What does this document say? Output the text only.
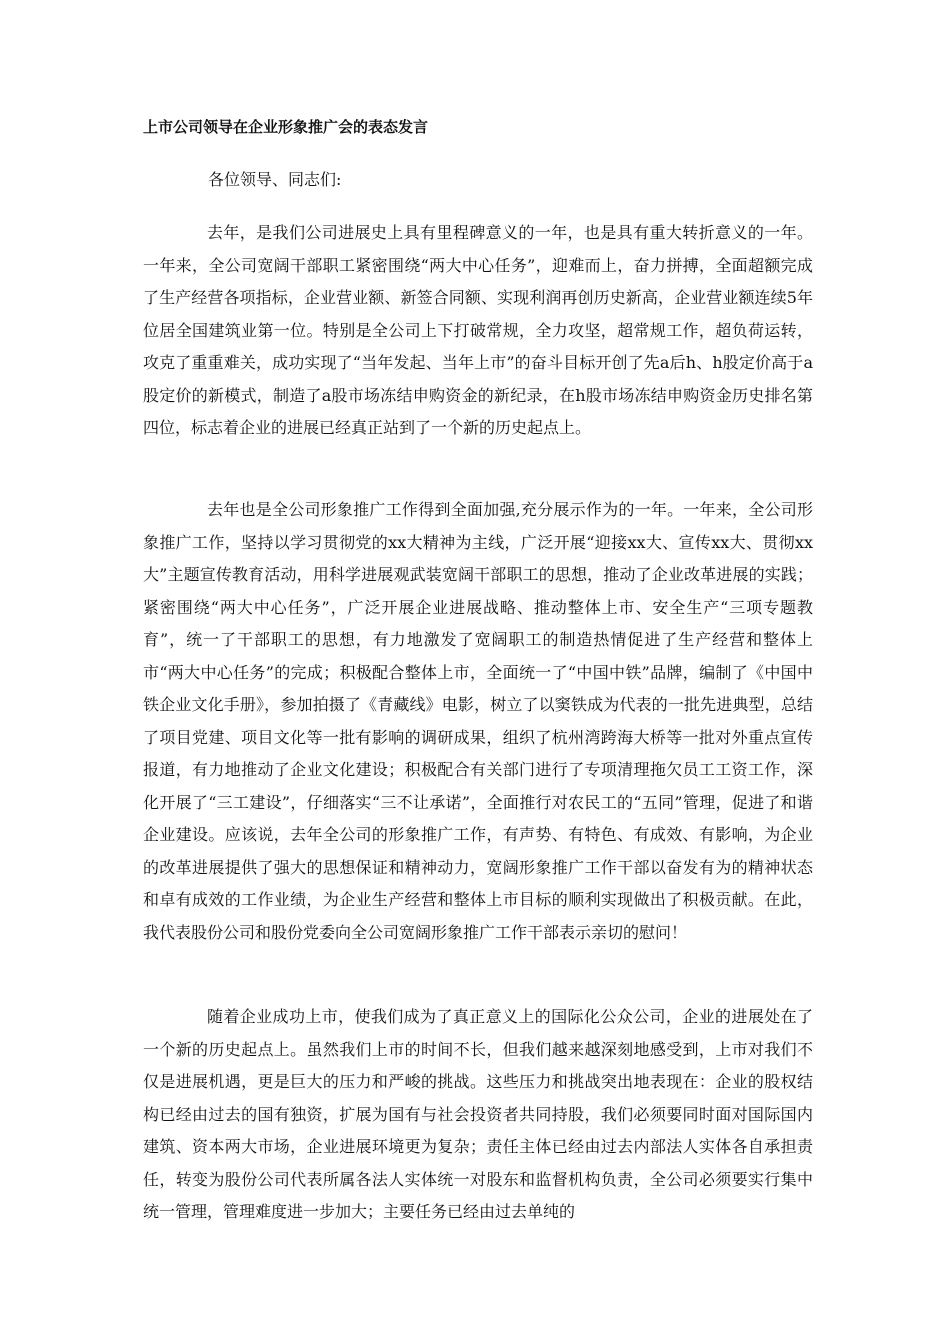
上市公司领导在企业形象推广会的表态发言

各位领导、同志们:

去年，是我们公司进展史上具有里程碑意义的一年，也是具有重大转折意义的一年。一年来，全公司宽阔干部职工紧密围绕“两大中心任务”，迎难而上，奋力拼搏，全面超额完成了生产经营各项指标，企业营业额、新签合同额、实现利润再创历史新高，企业营业额连续5年位居全国建筑业第一位。特别是全公司上下打破常规，全力攻坚，超常规工作，超负荷运转，攻克了重重难关，成功实现了“当年发起、当年上市”的奋斗目标开创了先a后h、h股定价高于a股定价的新模式，制造了a股市场冻结申购资金的新纪录，在h股市场冻结申购资金历史排名第四位，标志着企业的进展已经真正站到了一个新的历史起点上。

去年也是全公司形象推广工作得到全面加强,充分展示作为的一年。一年来，全公司形象推广工作，坚持以学习贯彻党的xx大精神为主线，广泛开展“迎接xx大、宣传xx大、贯彻xx大”主题宣传教育活动，用科学进展观武装宽阔干部职工的思想，推动了企业改革进展的实践；紧密围绕“两大中心任务”，广泛开展企业进展战略、推动整体上市、安全生产“三项专题教育”，统一了干部职工的思想，有力地激发了宽阔职工的制造热情促进了生产经营和整体上市“两大中心任务”的完成；积极配合整体上市，全面统一了“中国中铁”品牌，编制了《中国中铁企业文化手册》，参加拍摄了《青藏线》电影，树立了以窦铁成为代表的一批先进典型，总结了项目党建、项目文化等一批有影响的调研成果，组织了杭州湾跨海大桥等一批对外重点宣传报道，有力地推动了企业文化建设；积极配合有关部门进行了专项清理拖欠员工工资工作，深化开展了“三工建设”，仔细落实“三不让承诺”，全面推行对农民工的“五同”管理，促进了和谐企业建设。应该说，去年全公司的形象推广工作，有声势、有特色、有成效、有影响，为企业的改革进展提供了强大的思想保证和精神动力，宽阔形象推广工作干部以奋发有为的精神状态和卓有成效的工作业绩，为企业生产经营和整体上市目标的顺利实现做出了积极贡献。在此，我代表股份公司和股份党委向全公司宽阔形象推广工作干部表示亲切的慰问！

随着企业成功上市，使我们成为了真正意义上的国际化公众公司，企业的进展处在了一个新的历史起点上。虽然我们上市的时间不长，但我们越来越深刻地感受到，上市对我们不仅是进展机遇，更是巨大的压力和严峻的挑战。这些压力和挑战突出地表现在：企业的股权结构已经由过去的国有独资，扩展为国有与社会投资者共同持股，我们必须要同时面对国际国内建筑、资本两大市场，企业进展环境更为复杂；责任主体已经由过去内部法人实体各自承担责任，转变为股份公司代表所属各法人实体统一对股东和监督机构负责，全公司必须要实行集中统一管理，管理难度进一步加大；主要任务已经由过去单纯的
